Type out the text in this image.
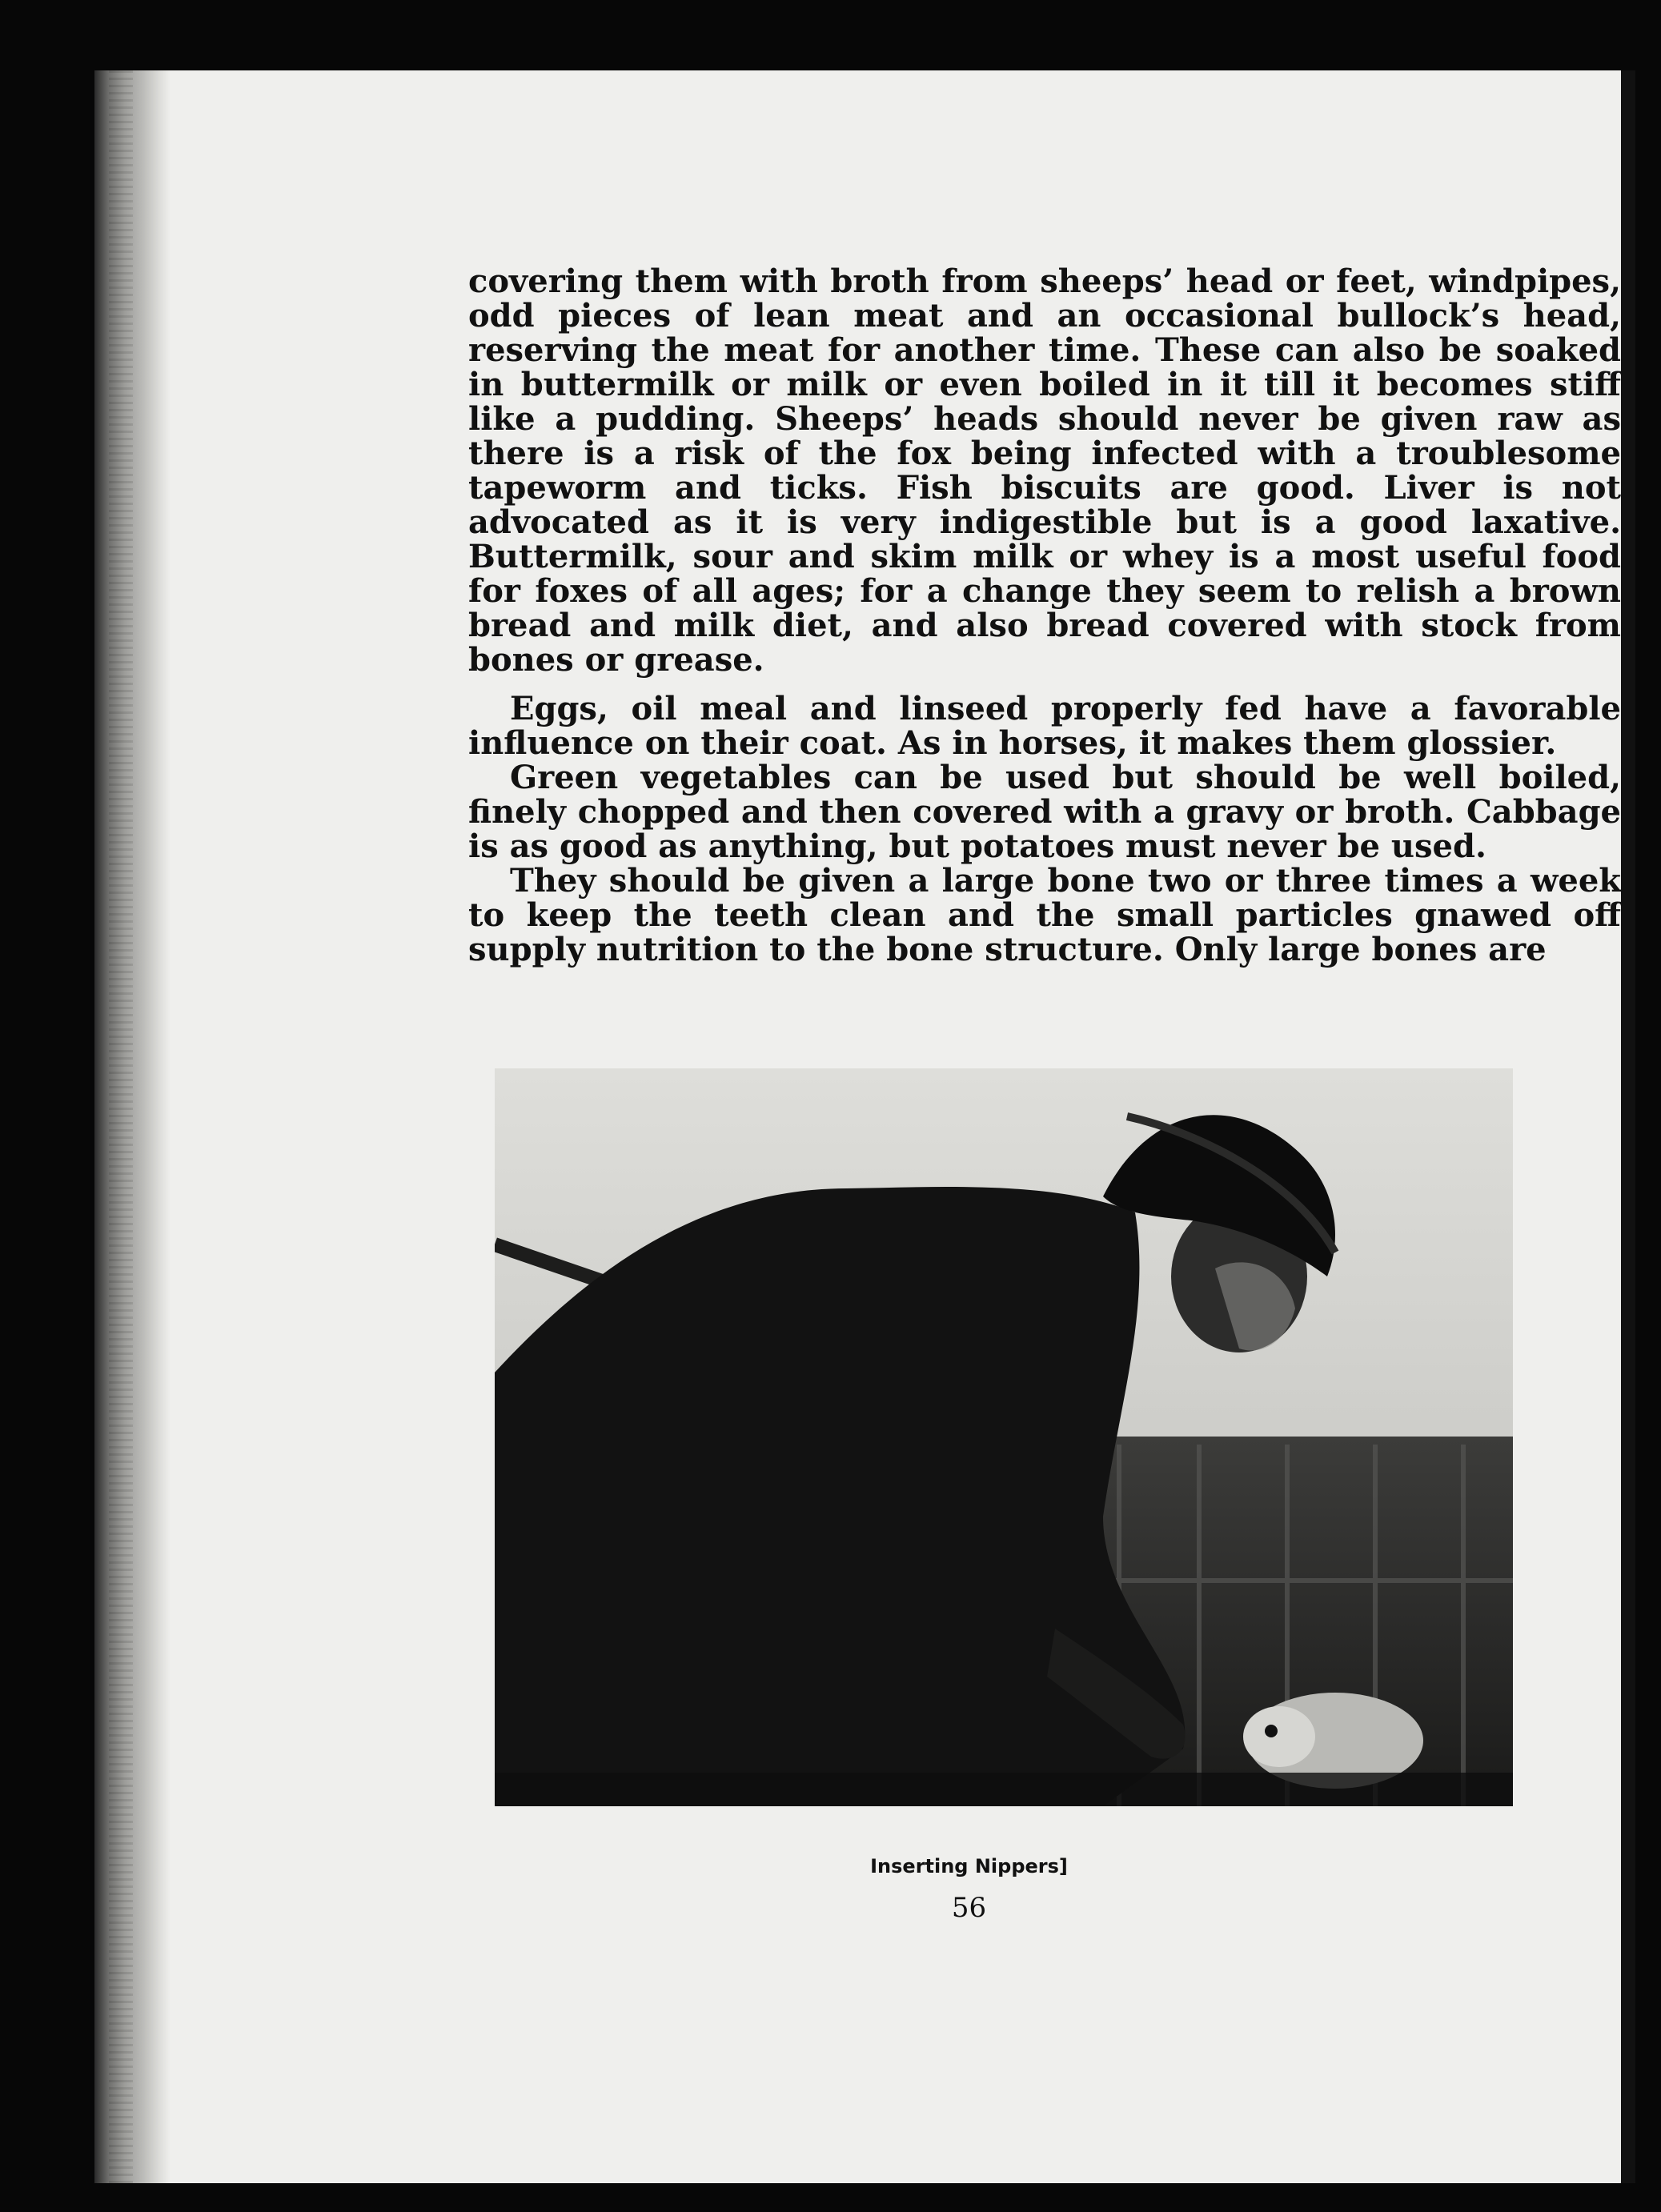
covering them with broth from sheeps’ head or feet, windpipes, odd pieces of lean meat and an occasional bullock’s head, reserving the meat for another time. These can also be soaked in buttermilk or milk or even boiled in it till it becomes stiff like a pudding. Sheeps’ heads should never be given raw as there is a risk of the fox being infected with a troublesome tapeworm and ticks. Fish biscuits are good. Liver is not advocated as it is very indigestible but is a good laxative. Buttermilk, sour and skim milk or whey is a most useful food for foxes of all ages; for a change they seem to relish a brown bread and milk diet, and also bread covered with stock from bones or grease.

Eggs, oil meal and linseed properly fed have a favorable influence on their coat. As in horses, it makes them glossier.

Green vegetables can be used but should be well boiled, finely chopped and then covered with a gravy or broth. Cabbage is as good as anything, but potatoes must never be used.

They should be given a large bone two or three times a week to keep the teeth clean and the small particles gnawed off supply nutrition to the bone structure. Only large bones are

Inserting Nippers]
56
